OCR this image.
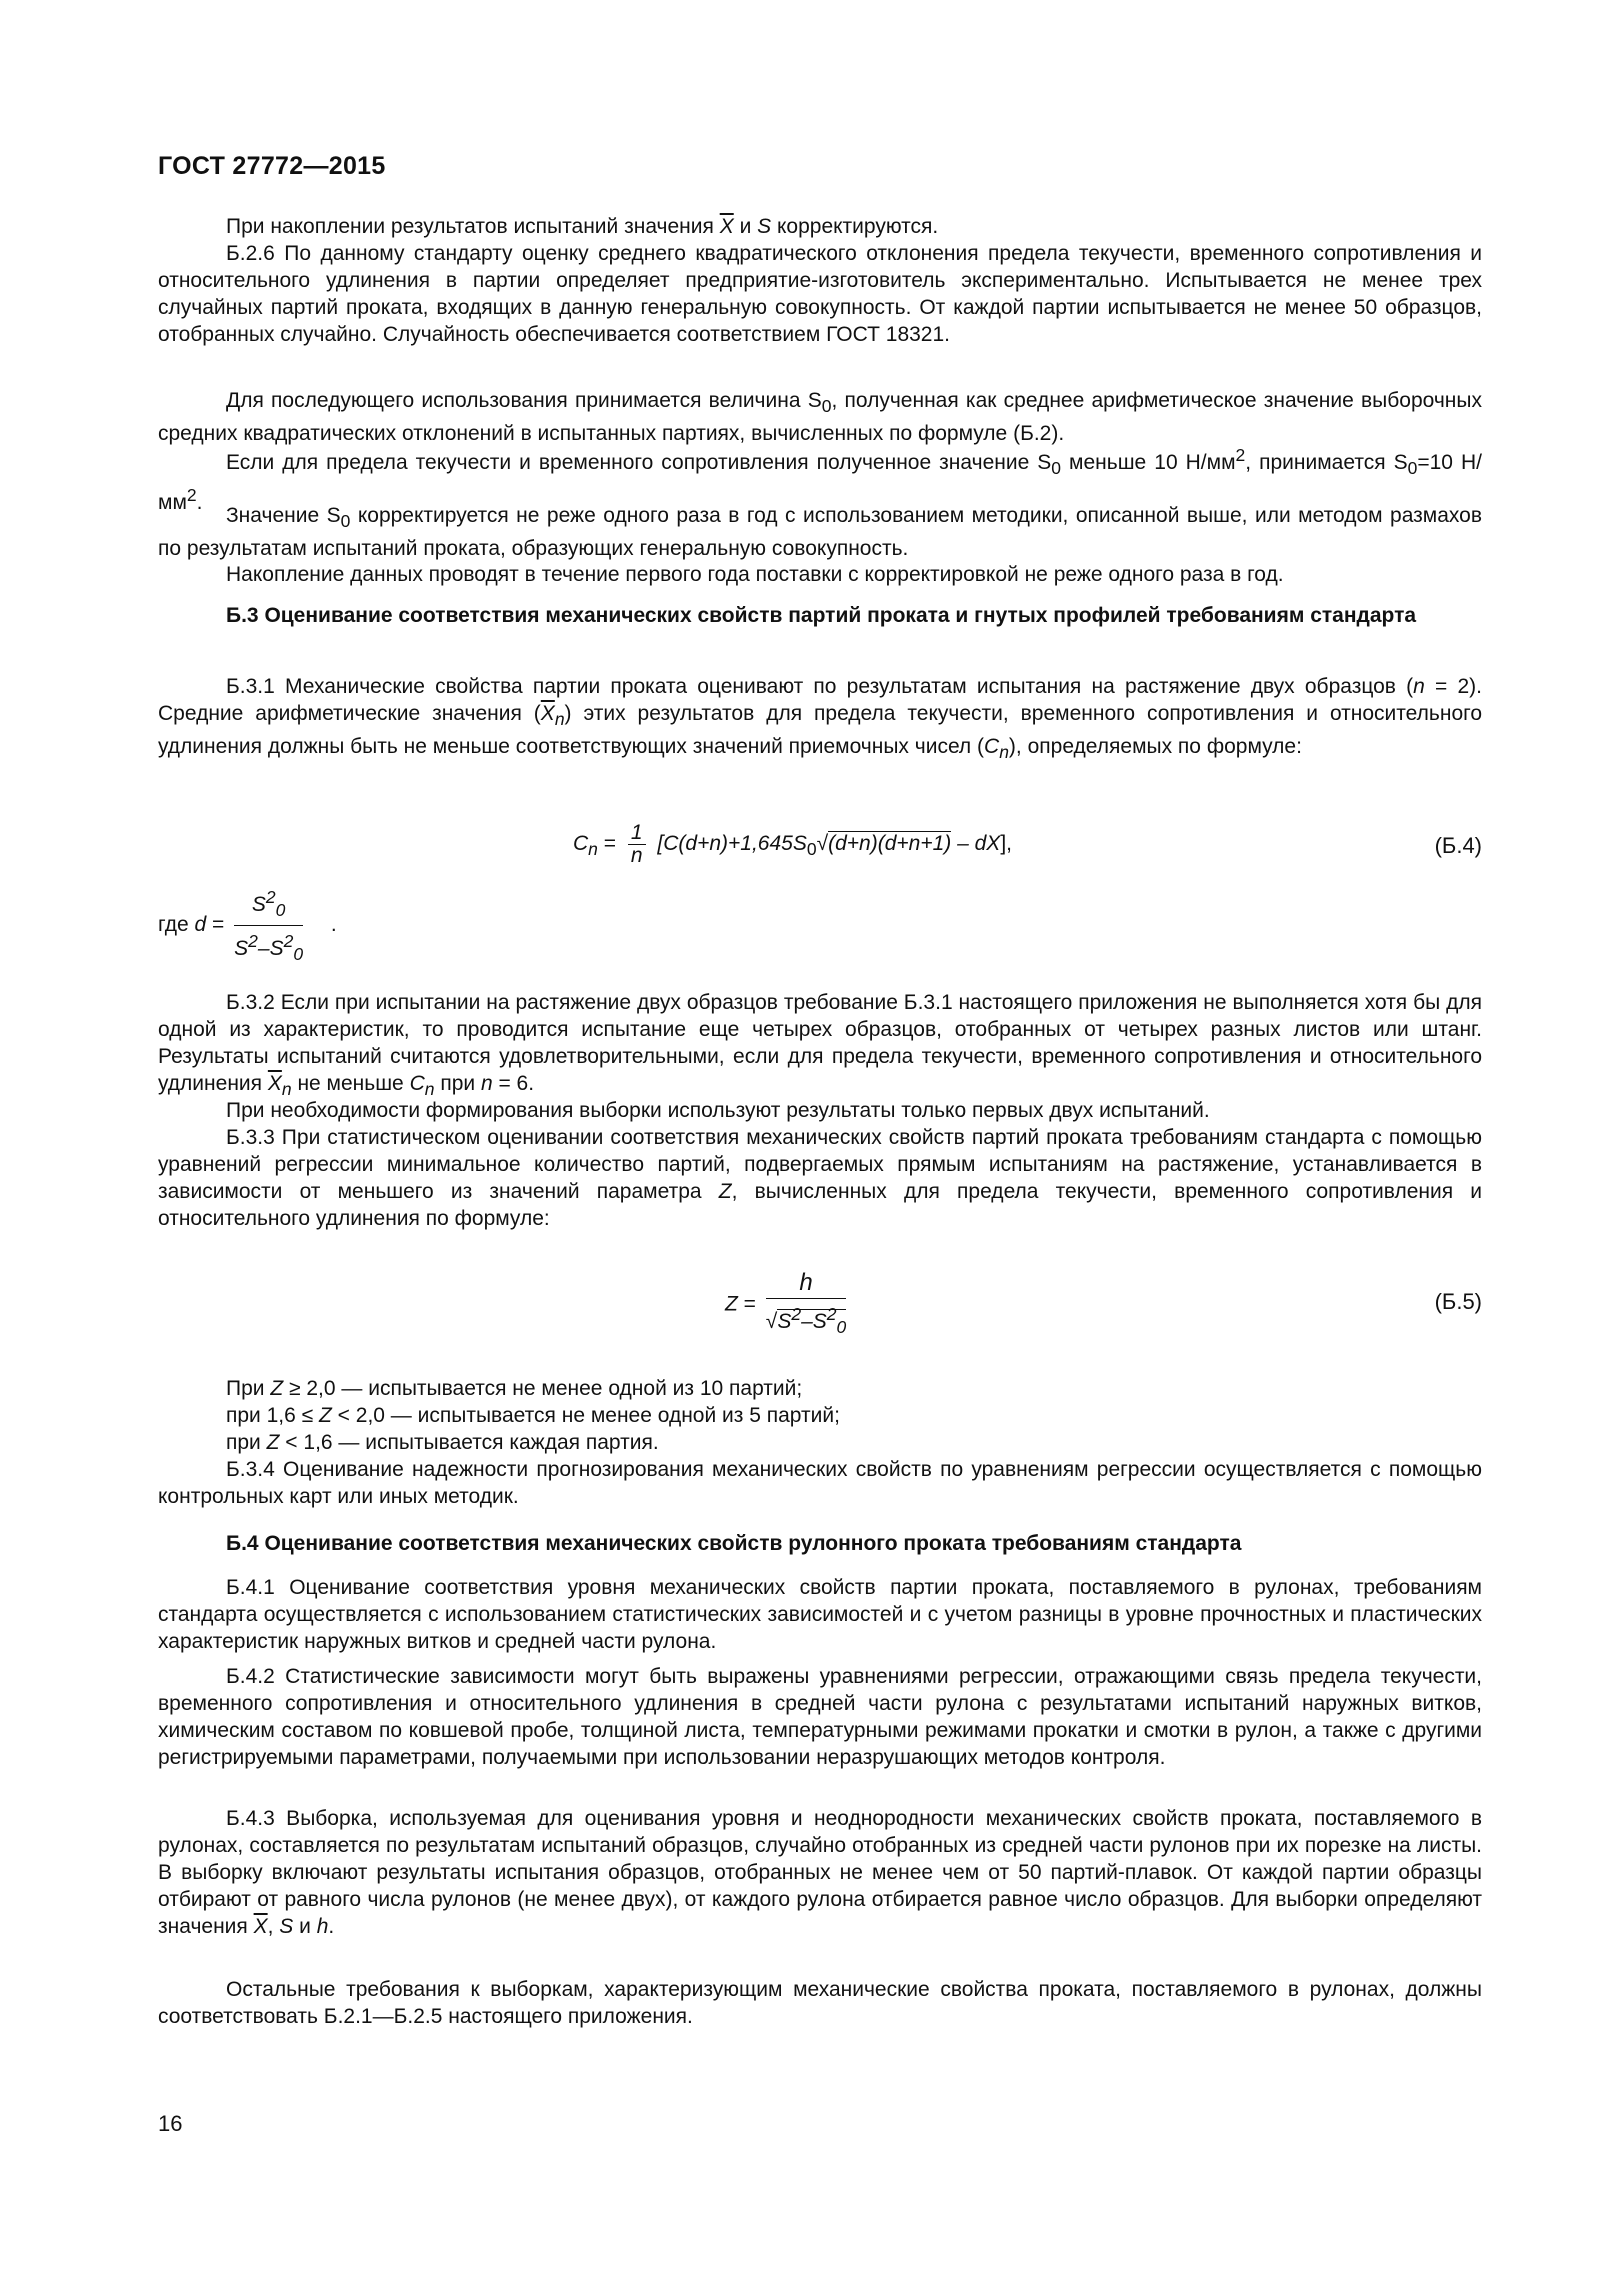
ГОСТ 27772—2015

При накоплении результатов испытаний значения $\overline{X}$ и S корректируются.

Б.2.6 По данному стандарту оценку среднего квадратического отклонения предела текучести, временного сопротивления и относительного удлинения в партии определяет предприятие-изготовитель экспериментально. Испытывается не менее трех случайных партий проката, входящих в данную генеральную совокупность. От каждой партии испытывается не менее 50 образцов, отобранных случайно. Случайность обеспечивается соответствием ГОСТ 18321.

Для последующего использования принимается величина $S_0$, полученная как среднее арифметическое значение выборочных средних квадратических отклонений в испытанных партиях, вычисленных по формуле (Б.2).

Если для предела текучести и временного сопротивления полученное значение $S_0$ меньше 10 $Н/мм^2$, принимается $S_0=10$ $Н/мм^2$.

Значение $S_0$ корректируется не реже одного раза в год с использованием методики, описанной выше, или методом размахов по результатам испытаний проката, образующих генеральную совокупность.

Накопление данных проводят в течение первого года поставки с корректировкой не реже одного раза в год.

Б.3 Оценивание соответствия механических свойств партий проката и гнутых профилей требованиям стандарта

Б.3.1 Механические свойства партии проката оценивают по результатам испытания на растяжение двух образцов (n = 2). Средние арифметические значения $(\overline{X}_n)$ этих результатов для предела текучести, временного сопротивления и относительного удлинения должны быть не меньше соответствующих значений приемочных чисел $(C_n)$, определяемых по формуле:

$C_n = \frac{1}{n} [C(d+n)+1,645S_0√(d+n)(d+n+1) - dX]$,	(Б.4)
где $d = \frac{S^2_0}{S^2-S^2_0}$ .

Б.3.2 Если при испытании на растяжение двух образцов требование Б.3.1 настоящего приложения не выполняется хотя бы для одной из характеристик, то проводится испытание еще четырех образцов, отобранных от четырех разных листов или штанг. Результаты испытаний считаются удовлетворительными, если для предела текучести, временного сопротивления и относительного удлинения $\overline{X}_n$ не меньше $C_n$ при n = 6.

При необходимости формирования выборки используют результаты только первых двух испытаний.

Б.3.3 При статистическом оценивании соответствия механических свойств партий проката требованиям стандарта с помощью уравнений регрессии минимальное количество партий, подвергаемых прямым испытаниям на растяжение, устанавливается в зависимости от меньшего из значений параметра Z, вычисленных для предела текучести, временного сопротивления и относительного удлинения по формуле:

$Z = \frac{h}{√S^2-S^2_0}$	(Б.5)

При Z ≥ 2,0 — испытывается не менее одной из 10 партий;

при 1,6 ≤ Z < 2,0 — испытывается не менее одной из 5 партий;

при Z < 1,6 — испытывается каждая партия.

Б.3.4 Оценивание надежности прогнозирования механических свойств по уравнениям регрессии осуществляется с помощью контрольных карт или иных методик.

Б.4 Оценивание соответствия механических свойств рулонного проката требованиям стандарта

Б.4.1 Оценивание соответствия уровня механических свойств партии проката, поставляемого в рулонах, требованиям стандарта осуществляется с использованием статистических зависимостей и с учетом разницы в уровне прочностных и пластических характеристик наружных витков и средней части рулона.

Б.4.2 Статистические зависимости могут быть выражены уравнениями регрессии, отражающими связь предела текучести, временного сопротивления и относительного удлинения в средней части рулона с результатами испытаний наружных витков, химическим составом по ковшевой пробе, толщиной листа, температурными режимами прокатки и смотки в рулон, а также с другими регистрируемыми параметрами, получаемыми при использовании неразрушающих методов контроля.

Б.4.3 Выборка, используемая для оценивания уровня и неоднородности механических свойств проката, поставляемого в рулонах, составляется по результатам испытаний образцов, случайно отобранных из средней части рулонов при их порезке на листы. В выборку включают результаты испытания образцов, отобранных не менее чем от 50 партий-плавок. От каждой партии образцы отбирают от равного числа рулонов (не менее двух), от каждого рулона отбирается равное число образцов. Для выборки определяют значения $\overline{X}$, S и h.

Остальные требования к выборкам, характеризующим механические свойства проката, поставляемого в рулонах, должны соответствовать Б.2.1—Б.2.5 настоящего приложения.

16
